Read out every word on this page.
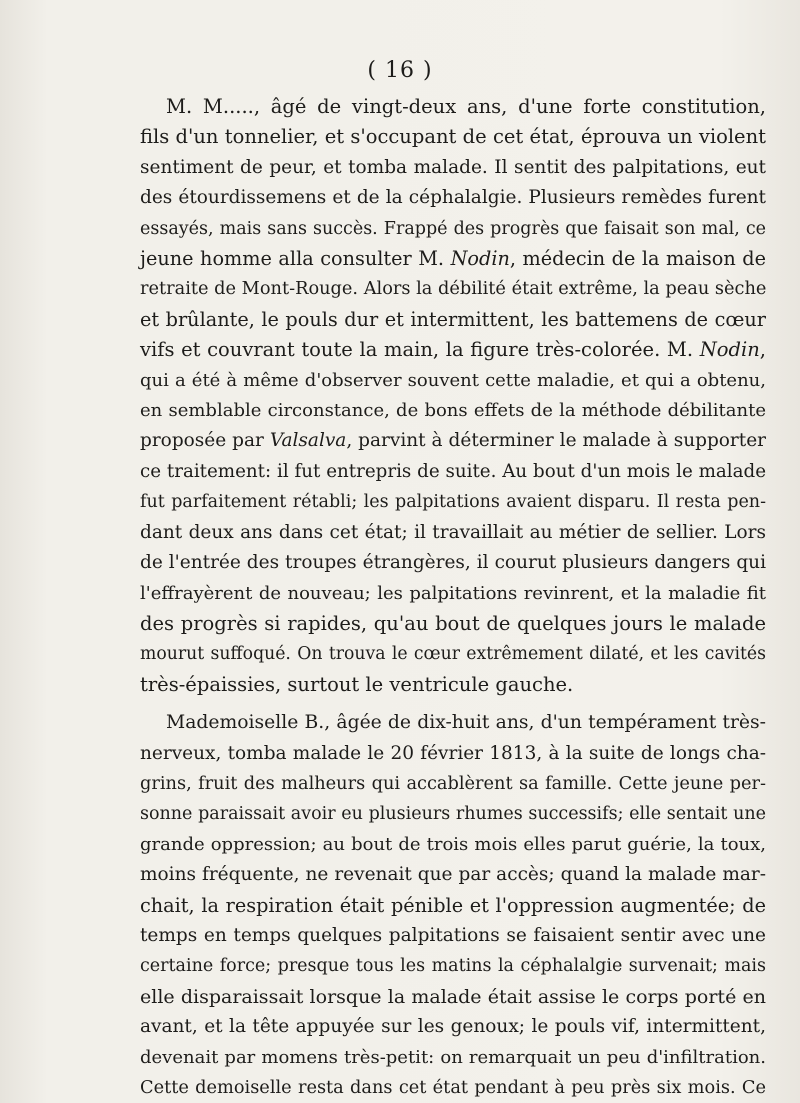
( 16 )
M. M....., âgé de vingt-deux ans, d'une forte constitution,
fils d'un tonnelier, et s'occupant de cet état, éprouva un violent
sentiment de peur, et tomba malade. Il sentit des palpitations, eut
des étourdissemens et de la céphalalgie. Plusieurs remèdes furent
essayés, mais sans succès. Frappé des progrès que faisait son mal, ce
jeune homme alla consulter M. Nodin, médecin de la maison de
retraite de Mont-Rouge. Alors la débilité était extrême, la peau sèche
et brûlante, le pouls dur et intermittent, les battemens de cœur
vifs et couvrant toute la main, la figure très-colorée. M. Nodin,
qui a été à même d'observer souvent cette maladie, et qui a obtenu,
en semblable circonstance, de bons effets de la méthode débilitante
proposée par Valsalva, parvint à déterminer le malade à supporter
ce traitement: il fut entrepris de suite. Au bout d'un mois le malade
fut parfaitement rétabli; les palpitations avaient disparu. Il resta pen-
dant deux ans dans cet état; il travaillait au métier de sellier. Lors
de l'entrée des troupes étrangères, il courut plusieurs dangers qui
l'effrayèrent de nouveau; les palpitations revinrent, et la maladie fit
des progrès si rapides, qu'au bout de quelques jours le malade
mourut suffoqué. On trouva le cœur extrêmement dilaté, et les cavités
très-épaissies, surtout le ventricule gauche.
Mademoiselle B., âgée de dix-huit ans, d'un tempérament très-
nerveux, tomba malade le 20 février 1813, à la suite de longs cha-
grins, fruit des malheurs qui accablèrent sa famille. Cette jeune per-
sonne paraissait avoir eu plusieurs rhumes successifs; elle sentait une
grande oppression; au bout de trois mois elles parut guérie, la toux,
moins fréquente, ne revenait que par accès; quand la malade mar-
chait, la respiration était pénible et l'oppression augmentée; de
temps en temps quelques palpitations se faisaient sentir avec une
certaine force; presque tous les matins la céphalalgie survenait; mais
elle disparaissait lorsque la malade était assise le corps porté en
avant, et la tête appuyée sur les genoux; le pouls vif, intermittent,
devenait par momens très-petit: on remarquait un peu d'infiltration.
Cette demoiselle resta dans cet état pendant à peu près six mois. Ce
